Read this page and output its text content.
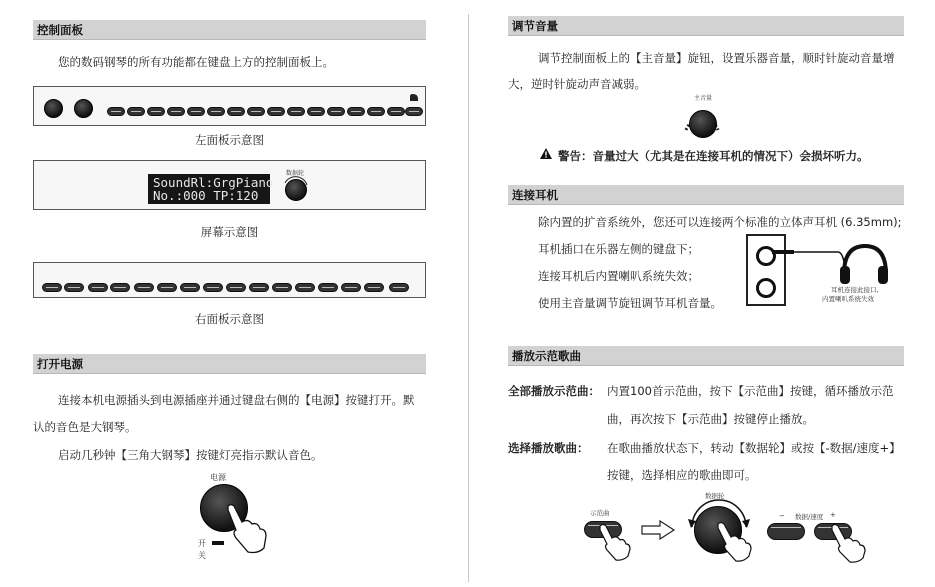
控制面板
您的数码钢琴的所有功能都在键盘上方的控制面板上。
左面板示意图
SoundRl:GrgPiano
No.:000 TP:120
数据轮
屏幕示意图
右面板示意图
打开电源
连接本机电源插头到电源插座并通过键盘右侧的【电源】按键打开。默
认的音色是大钢琴。
启动几秒钟【三角大钢琴】按键灯亮指示默认音色。
电源
开
关
调节音量
调节控制面板上的【主音量】旋钮，设置乐器音量，顺时针旋动音量增
大，逆时针旋动声音减弱。
主音量
警告：音量过大（尤其是在连接耳机的情况下）会损坏听力。
连接耳机
除内置的扩音系统外，您还可以连接两个标准的立体声耳机 (6.35mm);
耳机插口在乐器左侧的键盘下；
连接耳机后内置喇叭系统失效；
使用主音量调节旋钮调节耳机音量。
耳机连接此接口,
内置喇叭系统失效
播放示范歌曲
全部播放示范曲： 内置100首示范曲，按下【示范曲】按键，循环播放示范
曲，再次按下【示范曲】按键停止播放。
选择播放歌曲： 在歌曲播放状态下，转动【数据轮】或按【-数据/速度+】
按键，选择相应的歌曲即可。
示范曲
数据轮
− 数据/速度 +
